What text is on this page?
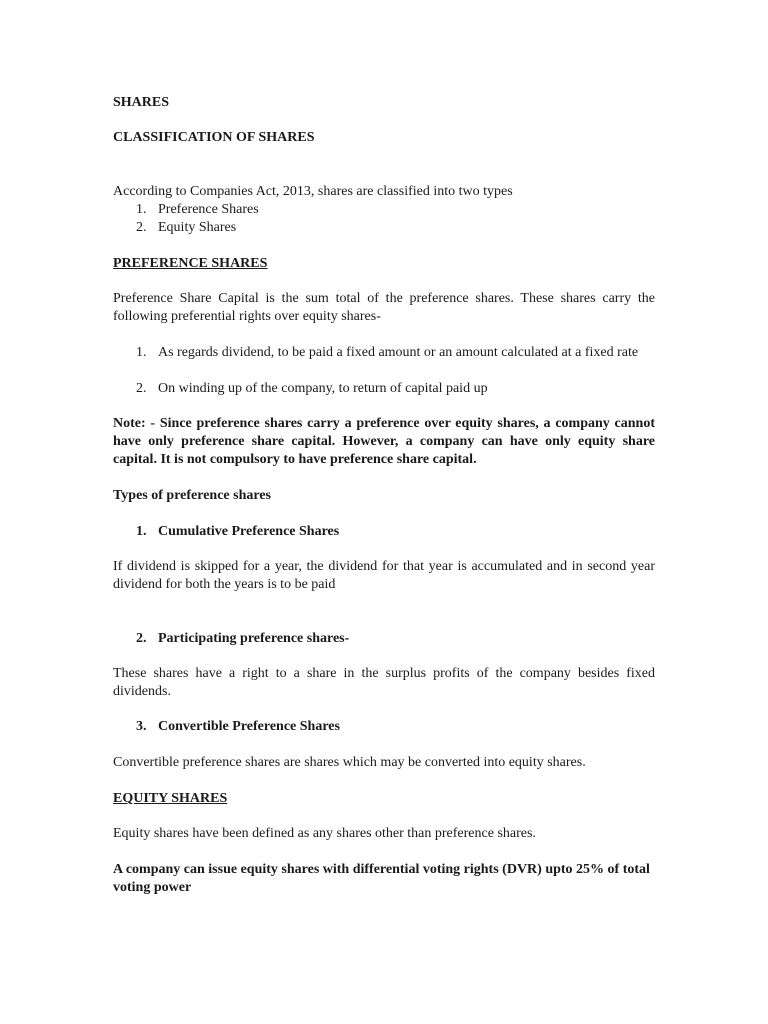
SHARES
CLASSIFICATION OF SHARES
According to Companies Act, 2013, shares are classified into two types
1. Preference Shares
2. Equity Shares
PREFERENCE SHARES
Preference Share Capital is the sum total of the preference shares. These shares carry the following preferential rights over equity shares-
1. As regards dividend, to be paid a fixed amount or an amount calculated at a fixed rate
2. On winding up of the company, to return of capital paid up
Note: - Since preference shares carry a preference over equity shares, a company cannot have only preference share capital. However, a company can have only equity share capital. It is not compulsory to have preference share capital.
Types of preference shares
1. Cumulative Preference Shares
If dividend is skipped for a year, the dividend for that year is accumulated and in second year dividend for both the years is to be paid
2. Participating preference shares-
These shares have a right to a share in the surplus profits of the company besides fixed dividends.
3. Convertible Preference Shares
Convertible preference shares are shares which may be converted into equity shares.
EQUITY SHARES
Equity shares have been defined as any shares other than preference shares.
A company can issue equity shares with differential voting rights (DVR) upto 25% of total voting power
